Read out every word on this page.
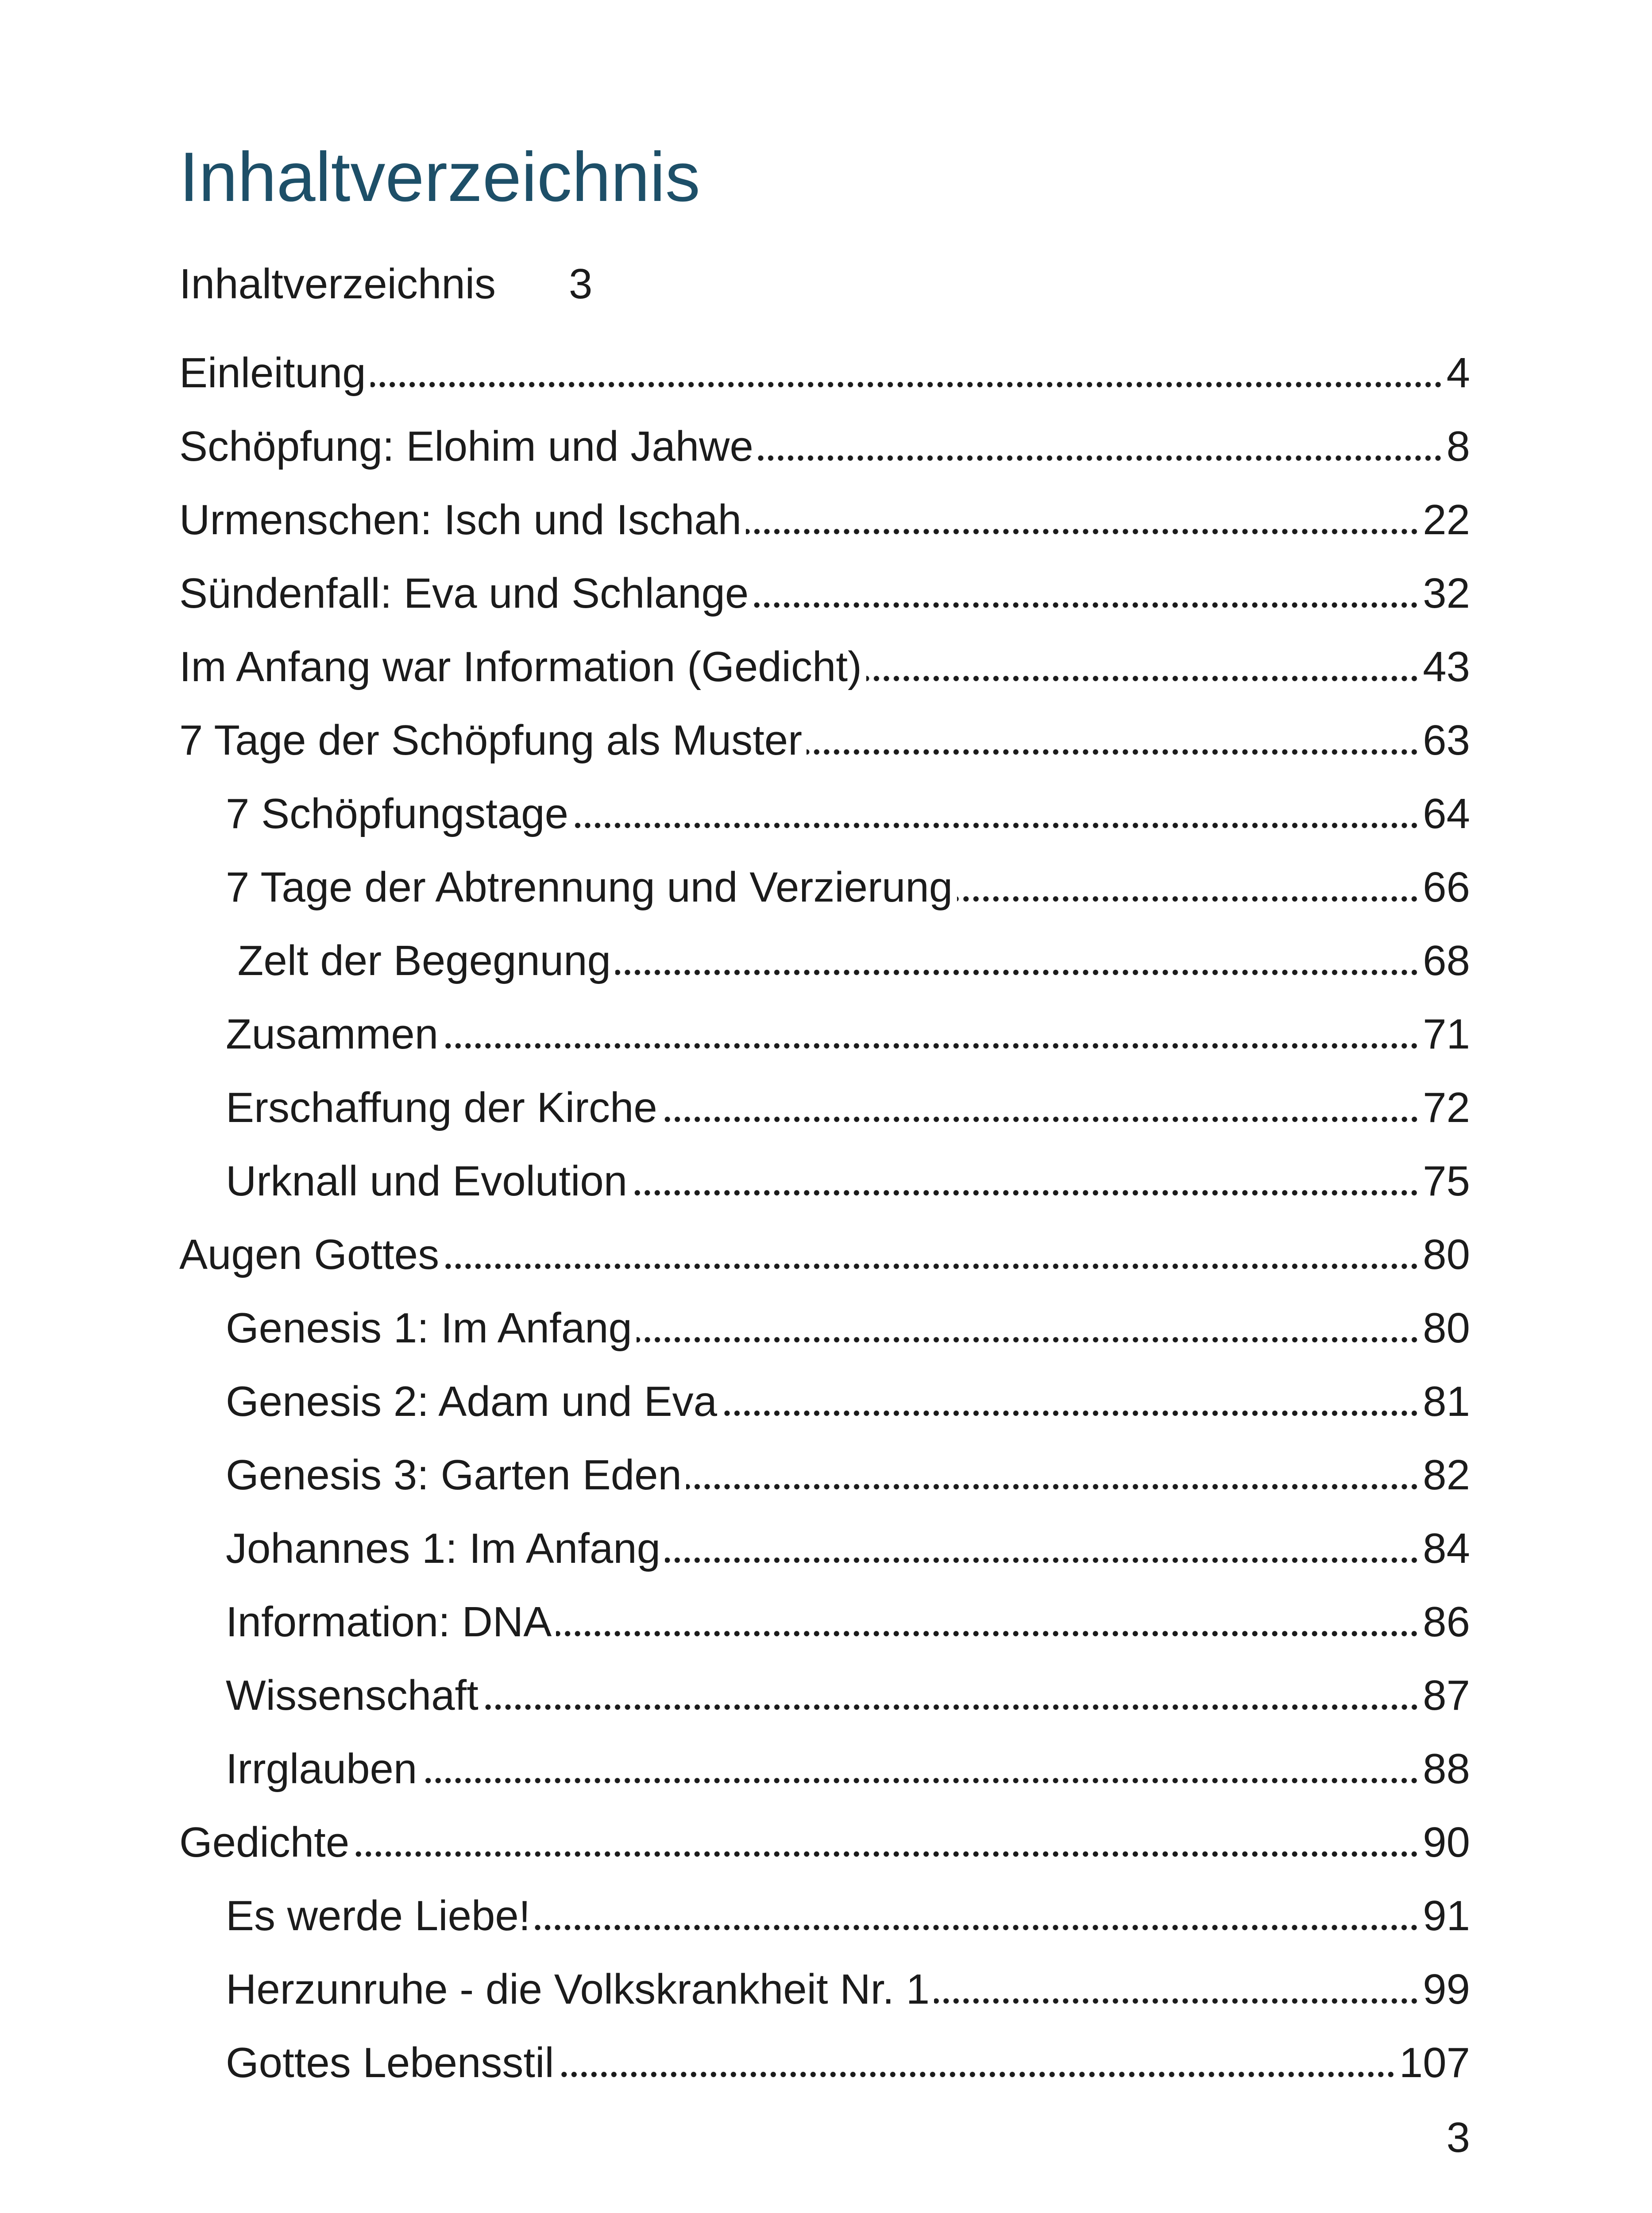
Inhaltverzeichnis
Inhaltverzeichnis 3
Einleitung	4
Schöpfung: Elohim und Jahwe	8
Urmenschen: Isch und Ischah	22
Sündenfall: Eva und Schlange	32
Im Anfang war Information (Gedicht)	43
7 Tage der Schöpfung als Muster	63
7 Schöpfungstage	64
7 Tage der Abtrennung und Verzierung	66
Zelt der Begegnung	68
Zusammen	71
Erschaffung der Kirche	72
Urknall und Evolution	75
Augen Gottes	80
Genesis 1: Im Anfang	80
Genesis 2: Adam und Eva	81
Genesis 3: Garten Eden	82
Johannes 1: Im Anfang	84
Information: DNA	86
Wissenschaft	87
Irrglauben	88
Gedichte	90
Es werde Liebe!	91
Herzunruhe - die Volkskrankheit Nr. 1	99
Gottes Lebensstil	107
3
